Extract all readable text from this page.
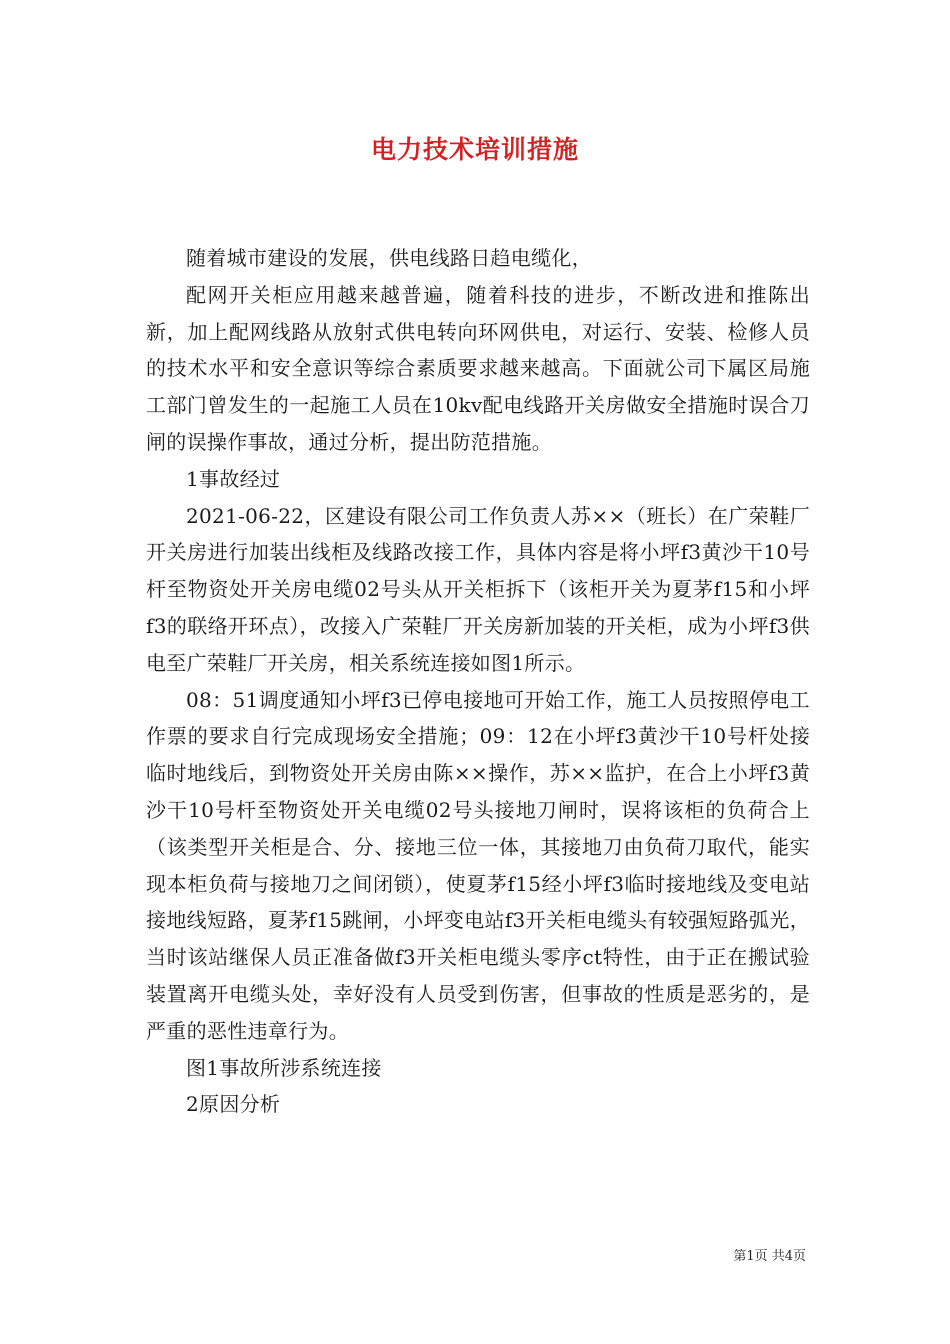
电力技术培训措施

随着城市建设的发展，供电线路日趋电缆化，

配网开关柜应用越来越普遍，随着科技的进步，不断改进和推陈出新，加上配网线路从放射式供电转向环网供电，对运行、安装、检修人员的技术水平和安全意识等综合素质要求越来越高。下面就公司下属区局施工部门曾发生的一起施工人员在10kv配电线路开关房做安全措施时误合刀闸的误操作事故，通过分析，提出防范措施。

1事故经过

2021-06-22，区建设有限公司工作负责人苏××（班长）在广荣鞋厂开关房进行加装出线柜及线路改接工作，具体内容是将小坪f3黄沙干10号杆至物资处开关房电缆02号头从开关柜拆下（该柜开关为夏茅f15和小坪f3的联络开环点），改接入广荣鞋厂开关房新加装的开关柜，成为小坪f3供电至广荣鞋厂开关房，相关系统连接如图1所示。

08：51调度通知小坪f3已停电接地可开始工作，施工人员按照停电工作票的要求自行完成现场安全措施；09：12在小坪f3黄沙干10号杆处接临时地线后，到物资处开关房由陈××操作，苏××监护，在合上小坪f3黄沙干10号杆至物资处开关电缆02号头接地刀闸时，误将该柜的负荷合上（该类型开关柜是合、分、接地三位一体，其接地刀由负荷刀取代，能实现本柜负荷与接地刀之间闭锁），使夏茅f15经小坪f3临时接地线及变电站接地线短路，夏茅f15跳闸，小坪变电站f3开关柜电缆头有较强短路弧光，当时该站继保人员正准备做f3开关柜电缆头零序ct特性，由于正在搬试验装置离开电缆头处，幸好没有人员受到伤害，但事故的性质是恶劣的，是严重的恶性违章行为。

图1事故所涉系统连接

2原因分析

第1页 共4页
